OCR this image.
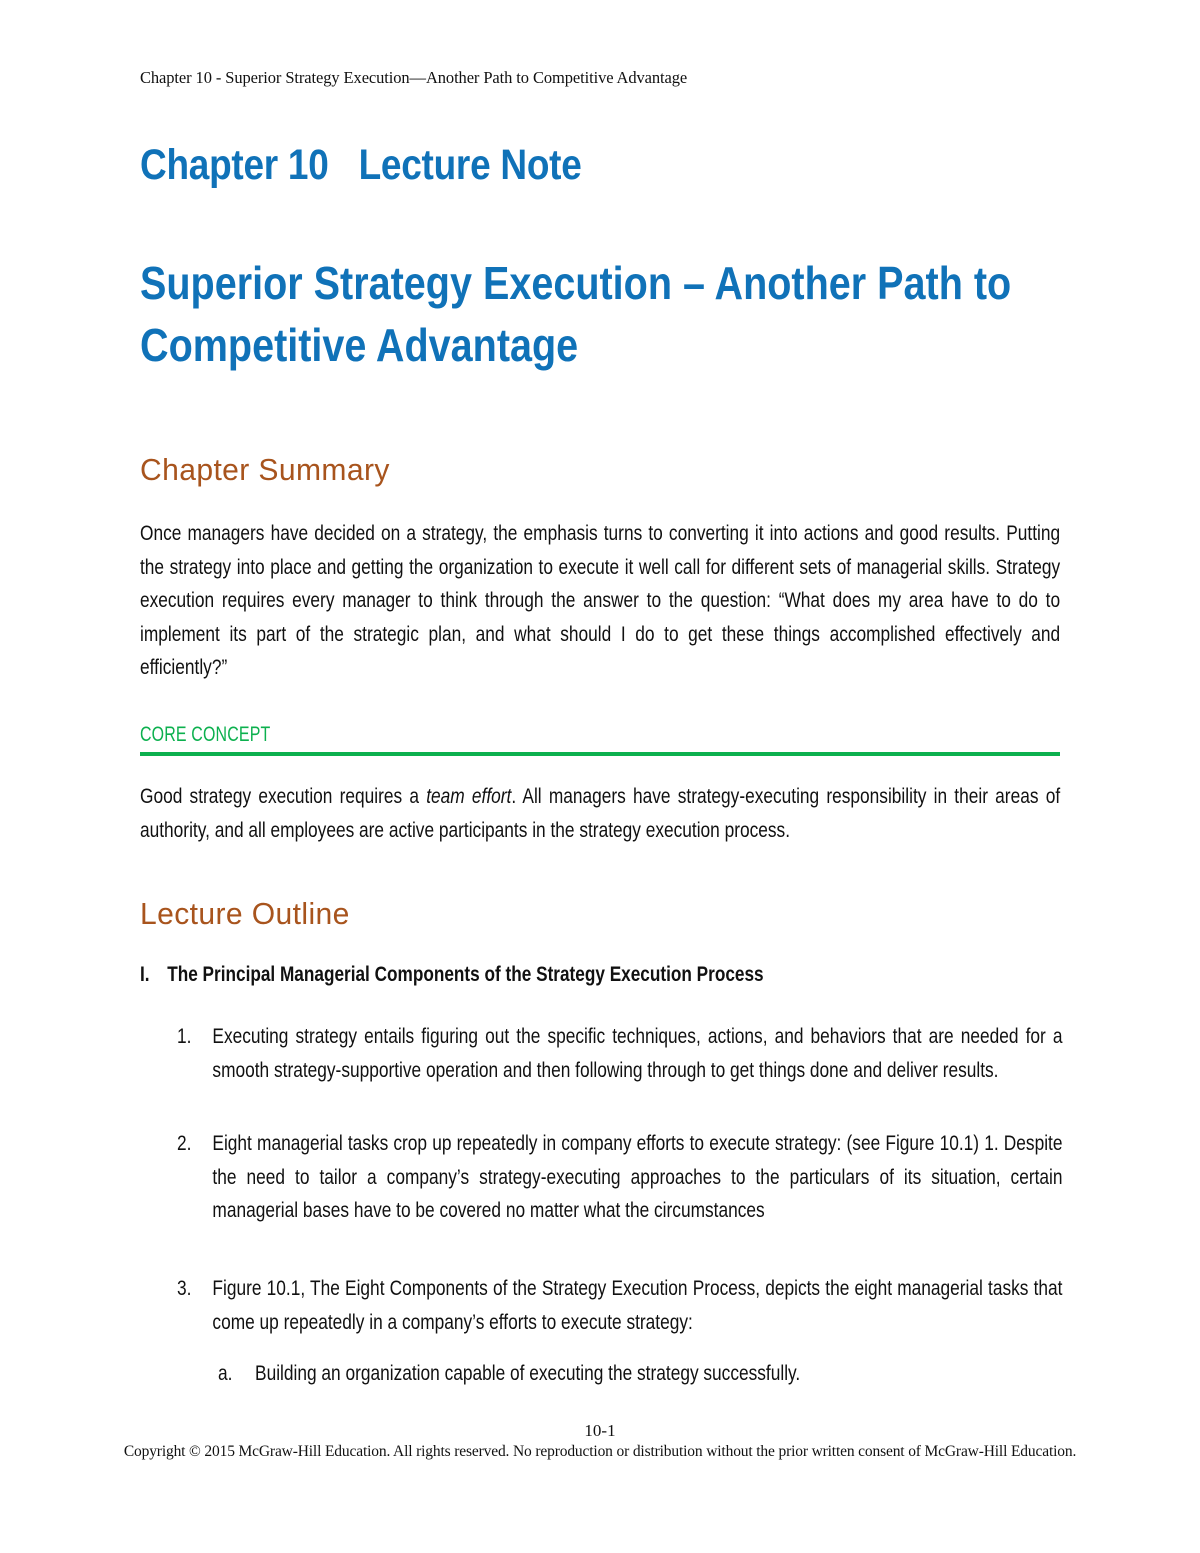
Chapter 10 - Superior Strategy Execution—Another Path to Competitive Advantage
Chapter 10   Lecture Note
Superior Strategy Execution – Another Path to Competitive Advantage
Chapter Summary

Once managers have decided on a strategy, the emphasis turns to converting it into actions and good results. Putting the strategy into place and getting the organization to execute it well call for different sets of managerial skills. Strategy execution requires every manager to think through the answer to the question: “What does my area have to do to implement its part of the strategic plan, and what should I do to get these things accomplished effectively and efficiently?”

CORE CONCEPT

Good strategy execution requires a team effort. All managers have strategy-executing responsibility in their areas of authority, and all employees are active participants in the strategy execution process.

Lecture Outline
I. The Principal Managerial Components of the Strategy Execution Process
1. Executing strategy entails figuring out the specific techniques, actions, and behaviors that are needed for a smooth strategy-supportive operation and then following through to get things done and deliver results.
2. Eight managerial tasks crop up repeatedly in company efforts to execute strategy: (see Figure 10.1) 1. Despite the need to tailor a company’s strategy-executing approaches to the particulars of its situation, certain managerial bases have to be covered no matter what the circumstances
3. Figure 10.1, The Eight Components of the Strategy Execution Process, depicts the eight managerial tasks that come up repeatedly in a company’s efforts to execute strategy:
a.	Building an organization capable of executing the strategy successfully.

10-1

Copyright © 2015 McGraw-Hill Education. All rights reserved. No reproduction or distribution without the prior written consent of McGraw-Hill Education.
